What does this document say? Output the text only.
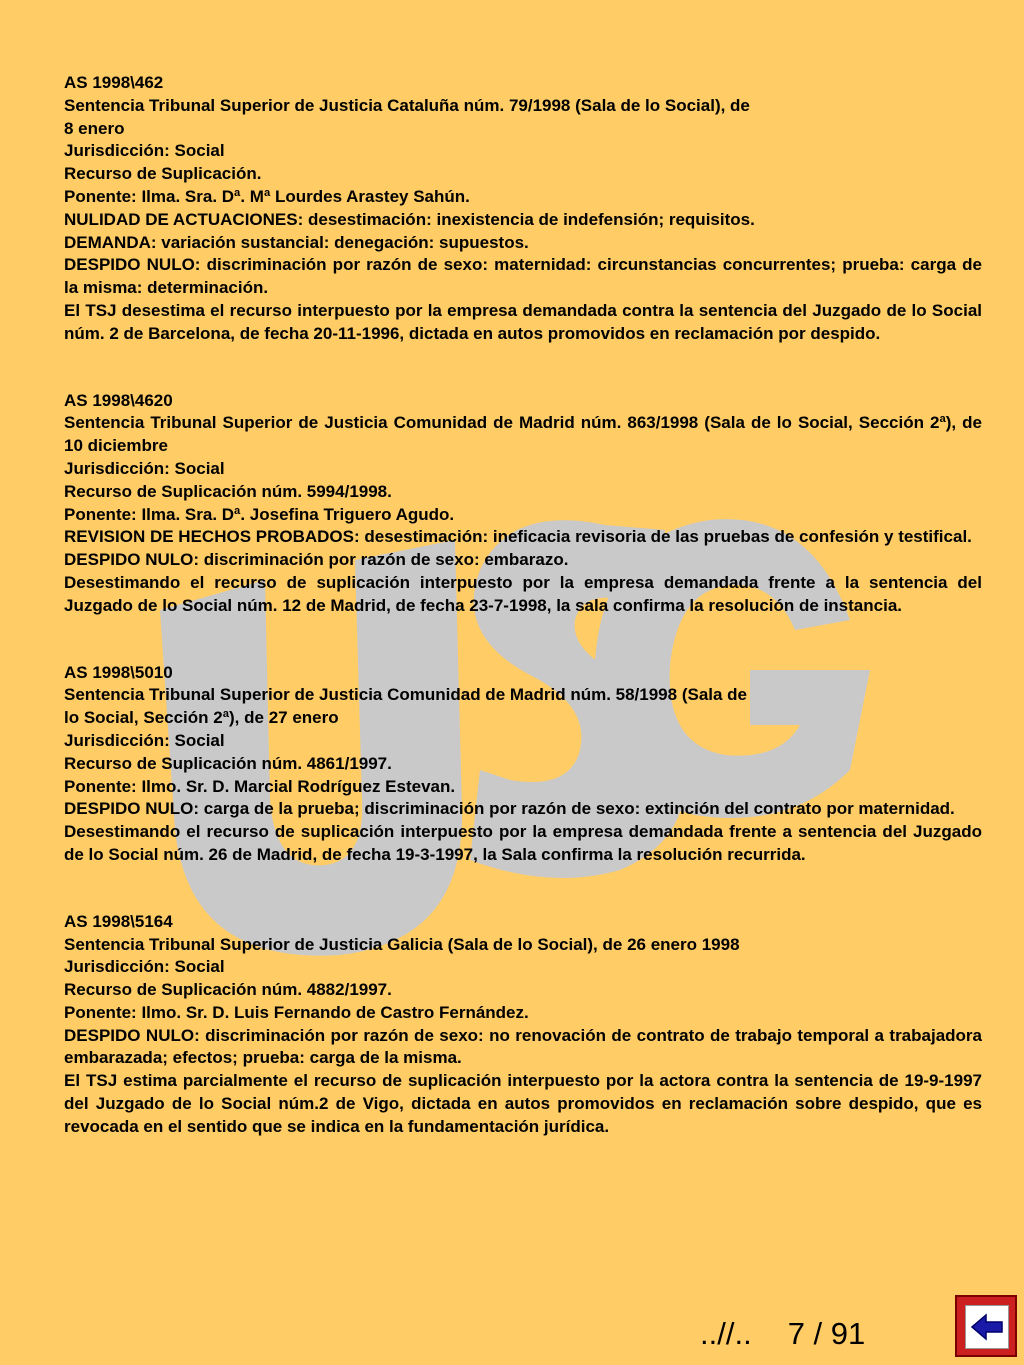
AS 1998\462
Sentencia Tribunal Superior de Justicia Cataluña núm. 79/1998 (Sala de lo Social), de
8 enero
Jurisdicción: Social
Recurso de Suplicación.
Ponente: Ilma. Sra. Dª. Mª Lourdes Arastey Sahún.
NULIDAD DE ACTUACIONES: desestimación: inexistencia de indefensión; requisitos.
DEMANDA: variación sustancial: denegación: supuestos.
DESPIDO NULO: discriminación por razón de sexo: maternidad: circunstancias concurrentes; prueba: carga de la misma: determinación.
El TSJ desestima el recurso interpuesto por la empresa demandada contra la sentencia del Juzgado de lo Social núm. 2 de Barcelona, de fecha 20-11-1996, dictada en autos promovidos en reclamación por despido.
AS 1998\4620
Sentencia Tribunal Superior de Justicia Comunidad de Madrid núm. 863/1998 (Sala de lo Social, Sección 2ª), de 10 diciembre
Jurisdicción: Social
Recurso de Suplicación núm. 5994/1998.
Ponente: Ilma. Sra. Dª. Josefina Triguero Agudo.
REVISION DE HECHOS PROBADOS: desestimación: ineficacia revisoria de las pruebas de confesión y testifical.
DESPIDO NULO: discriminación por razón de sexo: embarazo.
Desestimando el recurso de suplicación interpuesto por la empresa demandada frente a la sentencia del Juzgado de lo Social núm. 12 de Madrid, de fecha 23-7-1998, la sala confirma la resolución de instancia.
AS 1998\5010
Sentencia Tribunal Superior de Justicia Comunidad de Madrid núm. 58/1998 (Sala de
lo Social, Sección 2ª), de 27 enero
Jurisdicción: Social
Recurso de Suplicación núm. 4861/1997.
Ponente: Ilmo. Sr. D. Marcial Rodríguez Estevan.
DESPIDO NULO: carga de la prueba; discriminación por razón de sexo: extinción del contrato por maternidad.
Desestimando el recurso de suplicación interpuesto por la empresa demandada frente a sentencia del Juzgado de lo Social núm. 26 de Madrid, de fecha 19-3-1997, la Sala confirma la resolución recurrida.
AS 1998\5164
Sentencia Tribunal Superior de Justicia Galicia (Sala de lo Social), de 26 enero 1998
Jurisdicción: Social
Recurso de Suplicación núm. 4882/1997.
Ponente: Ilmo. Sr. D. Luis Fernando de Castro Fernández.
DESPIDO NULO: discriminación por razón de sexo: no renovación de contrato de trabajo temporal a trabajadora embarazada; efectos; prueba: carga de la misma.
El TSJ estima parcialmente el recurso de suplicación interpuesto por la actora contra la sentencia de 19-9-1997 del Juzgado de lo Social núm.2 de Vigo, dictada en autos promovidos en reclamación sobre despido, que es revocada en el sentido que se indica en la fundamentación jurídica.
..//.. 7 / 91
